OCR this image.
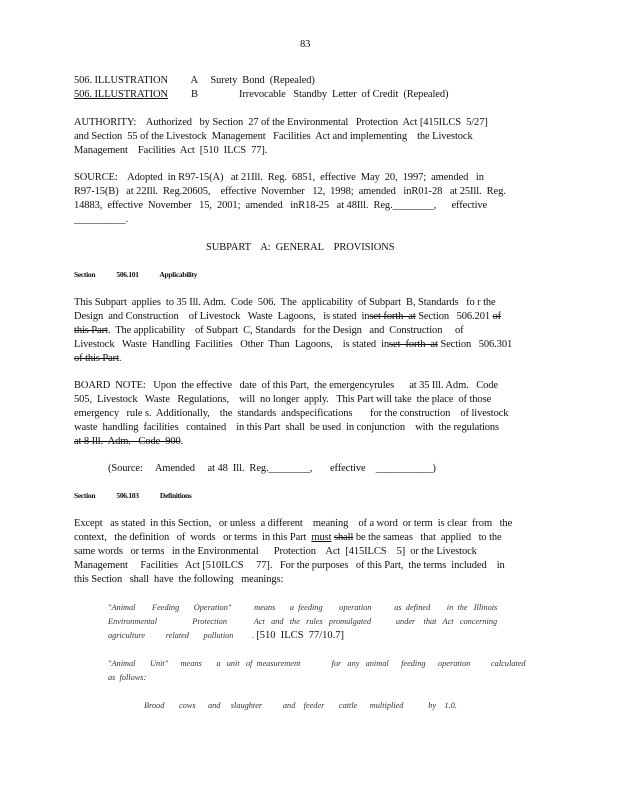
83
506. ILLUSTRATION A Surety  Bond  (Repealed)
506. ILLUSTRATION B	Irrevocable   Standby  Letter  of Credit  (Repealed)
AUTHORITY:    Authorized   by Section  27 of the Environmental   Protection  Act [415ILCS  5/27]
and Section  55 of the Livestock  Management   Facilities  Act and implementing    the Livestock
Management    Facilities  Act  [510  ILCS  77].
SOURCE:    Adopted  in R97-15(A)   at 21Ill.  Reg.  6851,  effective  May  20,  1997;  amended   in
R97-15(B)   at 22Ill.  Reg.20605,    effective  November   12,  1998;  amended   inR01-28   at 25Ill.  Reg.
14883,  effective  November   15,  2001;  amended   inR18-25   at 48Ill.  Reg.________,      effective
__________.
SUBPART    A:  GENERAL    PROVISIONS
Section	506.101	Applicability
This Subpart  applies  to 35 Ill. Adm.  Code  506.  The  applicability  of Subpart  B, Standards   fo r the
Design  and Construction    of Livestock   Waste  Lagoons,   is stated  inset forth  at Section   506.201 of
this Part.  The applicability    of Subpart  C, Standards   for the Design   and  Construction     of
Livestock   Waste  Handling  Facilities   Other  Than  Lagoons,    is stated  inset  forth  at Section   506.301
of this Part.
BOARD  NOTE:   Upon  the effective   date  of this Part,  the emergencyrules      at 35 Ill. Adm.   Code
505,  Livestock   Waste   Regulations,    will  no longer  apply.   This Part will take  the place  of those
emergency   rule s.  Additionally,    the  standards  andspecifications       for the construction    of livestock
waste  handling  facilities   contained    in this Part  shall  be used  in conjunction    with  the regulations
at 8 Ill.  Adm.   Code  900.
(Source:     Amended     at 48  Ill.  Reg.________,       effective    ___________)
Section	506.103	Definitions
Except   as stated  in this Section,   or unless  a different    meaning    of a word  or term  is clear  from   the
context,   the definition   of  words   or terms  in this Part  must shall be the sameas   that  applied   to the
same words   or terms   in the Environmental      Protection    Act  [415ILCS    5]  or the Livestock
Management     Facilities   Act [510ILCS     77].   For the purposes   of this Part,  the terms  included    in
this Section   shall  have  the following   meanings:
"Animal        Feeding       Operation"           means       a  feeding        operation           as  defined        in  the   Illinois
Environmental                 Protection             Act   and   the   rules   promulgated            under    that   Act   concerning
agriculture          related       pollution         . [510  ILCS  77/10.7]
"Animal       Unit"      means       a   unit   of  measurement               for   any   animal      feeding      operation          calculated
as  follows:
Brood       cows      and     slaughter          and    feeder       cattle      multiplied            by    1.0.
